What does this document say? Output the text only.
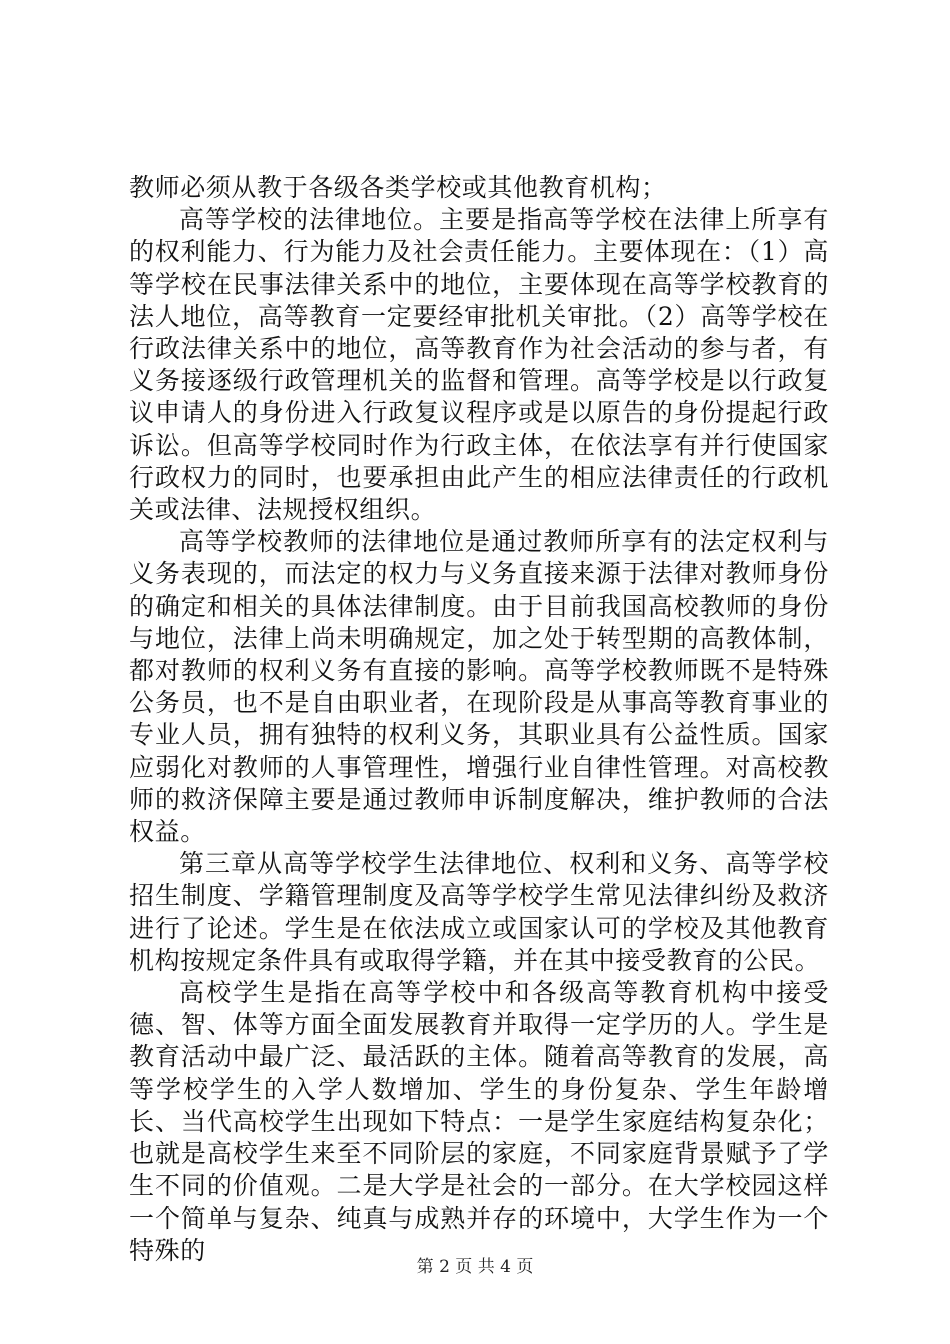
教师必须从教于各级各类学校或其他教育机构；

高等学校的法律地位。主要是指高等学校在法律上所享有的权利能力、行为能力及社会责任能力。主要体现在：（1）高等学校在民事法律关系中的地位，主要体现在高等学校教育的法人地位，高等教育一定要经审批机关审批。（2）高等学校在行政法律关系中的地位，高等教育作为社会活动的参与者，有义务接逐级行政管理机关的监督和管理。高等学校是以行政复议申请人的身份进入行政复议程序或是以原告的身份提起行政诉讼。但高等学校同时作为行政主体，在依法享有并行使国家行政权力的同时，也要承担由此产生的相应法律责任的行政机关或法律、法规授权组织。

高等学校教师的法律地位是通过教师所享有的法定权利与义务表现的，而法定的权力与义务直接来源于法律对教师身份的确定和相关的具体法律制度。由于目前我国高校教师的身份与地位，法律上尚未明确规定，加之处于转型期的高教体制，都对教师的权利义务有直接的影响。高等学校教师既不是特殊公务员，也不是自由职业者，在现阶段是从事高等教育事业的专业人员，拥有独特的权利义务，其职业具有公益性质。国家应弱化对教师的人事管理性，增强行业自律性管理。对高校教师的救济保障主要是通过教师申诉制度解决，维护教师的合法权益。

第三章从高等学校学生法律地位、权利和义务、高等学校招生制度、学籍管理制度及高等学校学生常见法律纠纷及救济进行了论述。学生是在依法成立或国家认可的学校及其他教育机构按规定条件具有或取得学籍，并在其中接受教育的公民。

高校学生是指在高等学校中和各级高等教育机构中接受德、智、体等方面全面发展教育并取得一定学历的人。学生是教育活动中最广泛、最活跃的主体。随着高等教育的发展，高等学校学生的入学人数增加、学生的身份复杂、学生年龄增长、当代高校学生出现如下特点：一是学生家庭结构复杂化；也就是高校学生来至不同阶层的家庭，不同家庭背景赋予了学生不同的价值观。二是大学是社会的一部分。在大学校园这样一个简单与复杂、纯真与成熟并存的环境中，大学生作为一个特殊的

第 2 页 共 4 页
